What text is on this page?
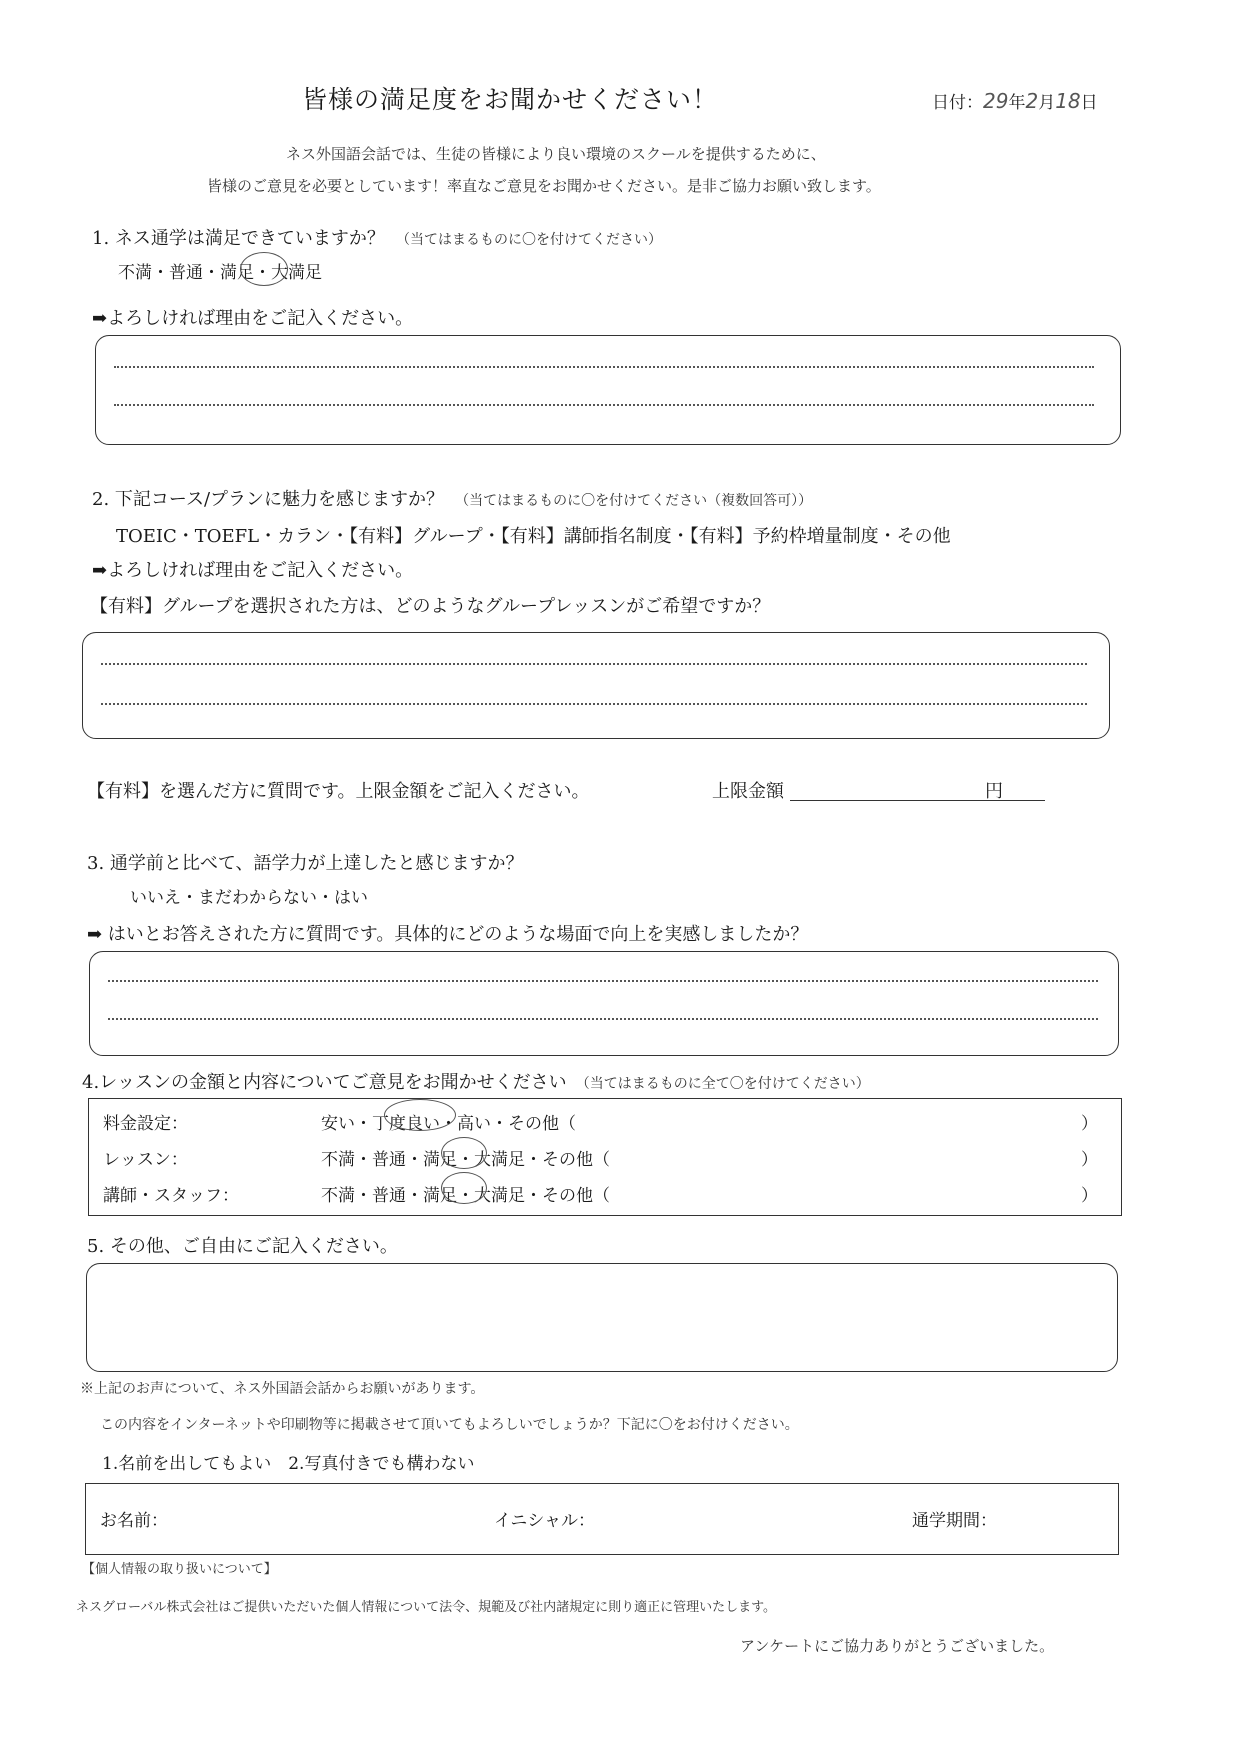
皆様の満足度をお聞かせください！	日付：29年2月18日
ネス外国語会話では、生徒の皆様により良い環境のスクールを提供するために、
皆様のご意見を必要としています！率直なご意見をお聞かせください。是非ご協力お願い致します。
1. ネス通学は満足できていますか？ （当てはまるものに〇を付けてください）
不満・普通・満足・大満足
➡よろしければ理由をご記入ください。
2. 下記コース/プランに魅力を感じますか？ （当てはまるものに〇を付けてください（複数回答可））
TOEIC・TOEFL・カラン・【有料】グループ・【有料】講師指名制度・【有料】予約枠増量制度・その他
➡よろしければ理由をご記入ください。
【有料】グループを選択された方は、どのようなグループレッスンがご希望ですか？
【有料】を選んだ方に質問です。上限金額をご記入ください。	上限金額	円
3. 通学前と比べて、語学力が上達したと感じますか？
いいえ・まだわからない・はい
➡ はいとお答えされた方に質問です。具体的にどのような場面で向上を実感しましたか？
4.レッスンの金額と内容についてご意見をお聞かせください （当てはまるものに全て〇を付けてください）
料金設定：	安い・丁度良い・高い・その他（	）
レッスン：	不満・普通・満足・大満足・その他（	）
講師・スタッフ：	不満・普通・満足・大満足・その他（	）
5. その他、ご自由にご記入ください。
※上記のお声について、ネス外国語会話からお願いがあります。
この内容をインターネットや印刷物等に掲載させて頂いてもよろしいでしょうか？下記に〇をお付けください。
1.名前を出してもよい　2.写真付きでも構わない
お名前：	イニシャル：	通学期間：
【個人情報の取り扱いについて】
ネスグローバル株式会社はご提供いただいた個人情報について法令、規範及び社内諸規定に則り適正に管理いたします。
アンケートにご協力ありがとうございました。
